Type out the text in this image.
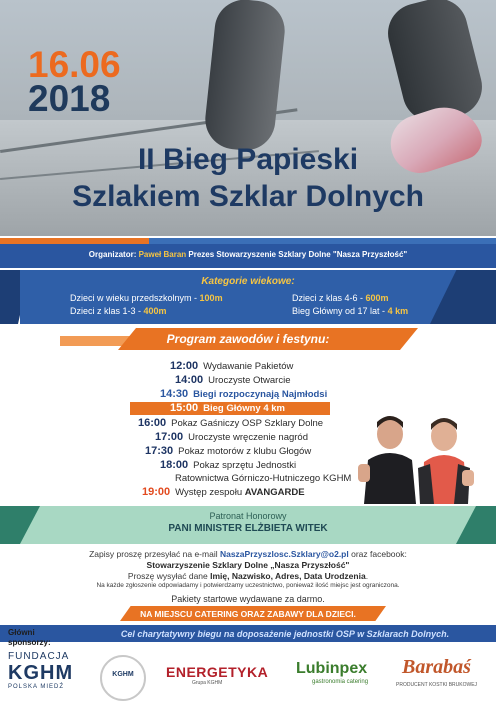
16.06
2018
II Bieg Papieski
Szlakiem Szklar Dolnych
Organizator: Paweł Baran Prezes Stowarzyszenie Szklary Dolne "Nasza Przyszłość"
Kategorie wiekowe:
Dzieci w wieku przedszkolnym - 100m
Dzieci z klas 1-3 - 400m
Dzieci z klas 4-6 - 600m
Bieg Główny od 17 lat - 4 km
Program zawodów i festynu:
12:00 Wydawanie Pakietów
14:00 Uroczyste Otwarcie
14:30 Biegi rozpoczynają Najmłodsi
15:00 Bieg Główny 4 km
16:00 Pokaz Gaśniczy OSP Szklary Dolne
17:00 Uroczyste wręczenie nagród
17:30 Pokaz motorów z klubu Głogów
18:00 Pokaz sprzętu Jednostki
Ratownictwa Górniczo-Hutniczego KGHM
19:00 Występ zespołu AVANGARDE
Patronat Honorowy
PANI MINISTER ELŻBIETA WITEK
Zapisy proszę przesyłać na e-mail NaszaPrzyszlosc.Szklary@o2.pl oraz facebook:
Stowarzyszenie Szklary Dolne „Nasza Przyszłość"
Proszę wysyłać dane Imię, Nazwisko, Adres, Data Urodzenia.
Na każde zgłoszenie odpowiadamy i potwierdzamy uczestnictwo, ponieważ ilość miejsc jest ograniczona.
Pakiety startowe wydawane za darmo.
NA MIEJSCU CATERING ORAZ ZABAWY DLA DZIECI.
Cel charytatywny biegu na doposażenie jednostki OSP w Szklarach Dolnych.
Główni sponsorzy:
FUNDACJA
KGHM
POLSKA MIEDŹ
KGHM	ENERGETYKA
Grupa KGHM
Lubinpex
gastronomia catering
Barabaś
PRODUCENT KOSTKI BRUKOWEJ
